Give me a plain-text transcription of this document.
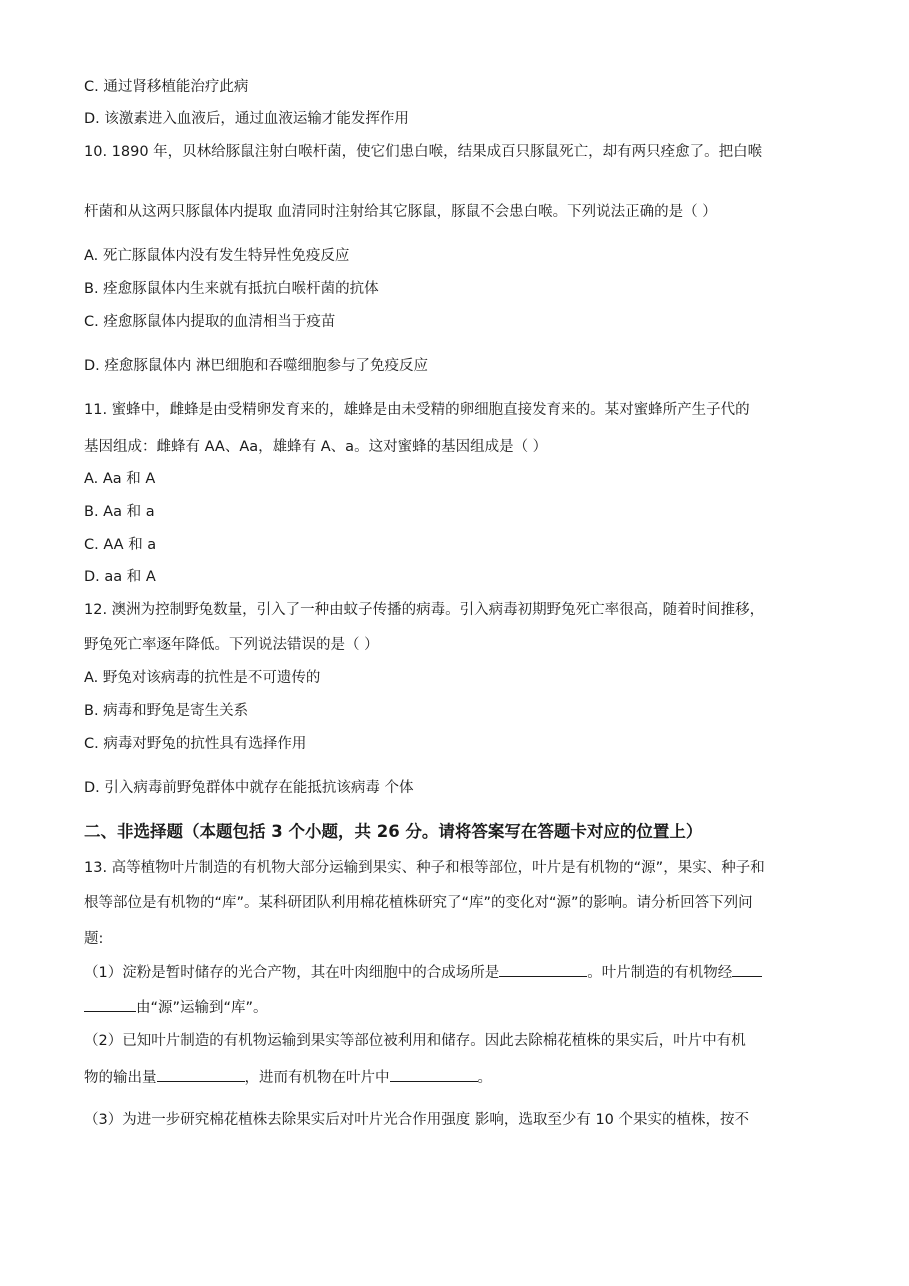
C. 通过肾移植能治疗此病
D. 该激素进入血液后，通过血液运输才能发挥作用
10. 1890 年，贝林给豚鼠注射白喉杆菌，使它们患白喉，结果成百只豚鼠死亡，却有两只痊愈了。把白喉
杆菌和从这两只豚鼠体内提取 血清同时注射给其它豚鼠，豚鼠不会患白喉。下列说法正确的是（ ）
A. 死亡豚鼠体内没有发生特异性免疫反应
B. 痊愈豚鼠体内生来就有抵抗白喉杆菌的抗体
C. 痊愈豚鼠体内提取的血清相当于疫苗
D. 痊愈豚鼠体内 淋巴细胞和吞噬细胞参与了免疫反应
11. 蜜蜂中，雌蜂是由受精卵发育来的，雄蜂是由未受精的卵细胞直接发育来的。某对蜜蜂所产生子代的
基因组成：雌蜂有 AA、Aa，雄蜂有 A、a。这对蜜蜂的基因组成是（ ）
A. Aa 和 A
B. Aa 和 a
C. AA 和 a
D. aa 和 A
12. 澳洲为控制野兔数量，引入了一种由蚊子传播的病毒。引入病毒初期野兔死亡率很高，随着时间推移，
野兔死亡率逐年降低。下列说法错误的是（ ）
A. 野兔对该病毒的抗性是不可遗传的
B. 病毒和野兔是寄生关系
C. 病毒对野兔的抗性具有选择作用
D. 引入病毒前野兔群体中就存在能抵抗该病毒 个体
二、非选择题（本题包括 3 个小题，共 26 分。请将答案写在答题卡对应的位置上）
13. 高等植物叶片制造的有机物大部分运输到果实、种子和根等部位，叶片是有机物的“源”，果实、种子和
根等部位是有机物的“库”。某科研团队利用棉花植株研究了“库”的变化对“源”的影响。请分析回答下列问
题:
（1）淀粉是暂时储存的光合产物，其在叶肉细胞中的合成场所是	。叶片制造的有机物经
由“源”运输到“库”。
（2）已知叶片制造的有机物运输到果实等部位被利用和储存。因此去除棉花植株的果实后，叶片中有机
物的输出量	，进而有机物在叶片中	。
（3）为进一步研究棉花植株去除果实后对叶片光合作用强度 影响，选取至少有 10 个果实的植株，按不
